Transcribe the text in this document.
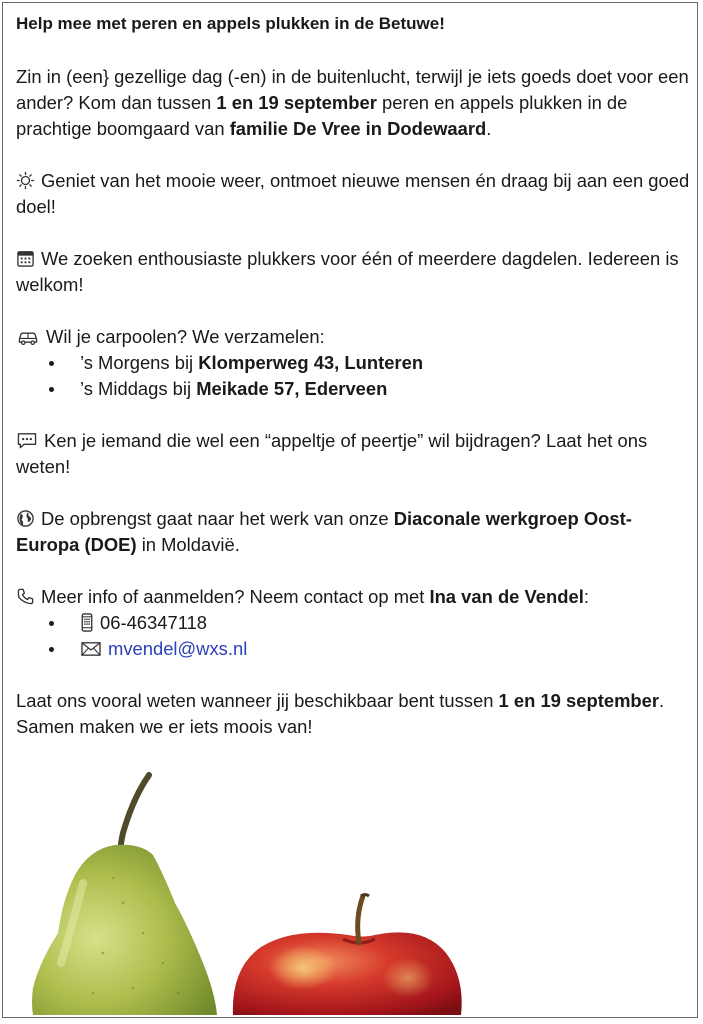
Help mee met peren en appels plukken in de Betuwe!

Zin in (een} gezellige dag (-en) in de buitenlucht, terwijl je iets goeds doet voor een ander? Kom dan tussen 1 en 19 september peren en appels plukken in de prachtige boomgaard van familie De Vree in Dodewaard.

Geniet van het mooie weer, ontmoet nieuwe mensen én draag bij aan een goed doel!

We zoeken enthousiaste plukkers voor één of meerdere dagdelen. Iedereen is welkom!

Wil je carpoolen? We verzamelen:

’s Morgens bij Klomperweg 43, Lunteren
’s Middags bij Meikade 57, Ederveen

Ken je iemand die wel een “appeltje of peertje” wil bijdragen? Laat het ons weten!

De opbrengst gaat naar het werk van onze Diaconale werkgroep Oost-Europa (DOE) in Moldavië.

Meer info of aanmelden? Neem contact op met Ina van de Vendel:

06-46347118
mvendel@wxs.nl

Laat ons vooral weten wanneer jij beschikbaar bent tussen 1 en 19 september. Samen maken we er iets moois van!
